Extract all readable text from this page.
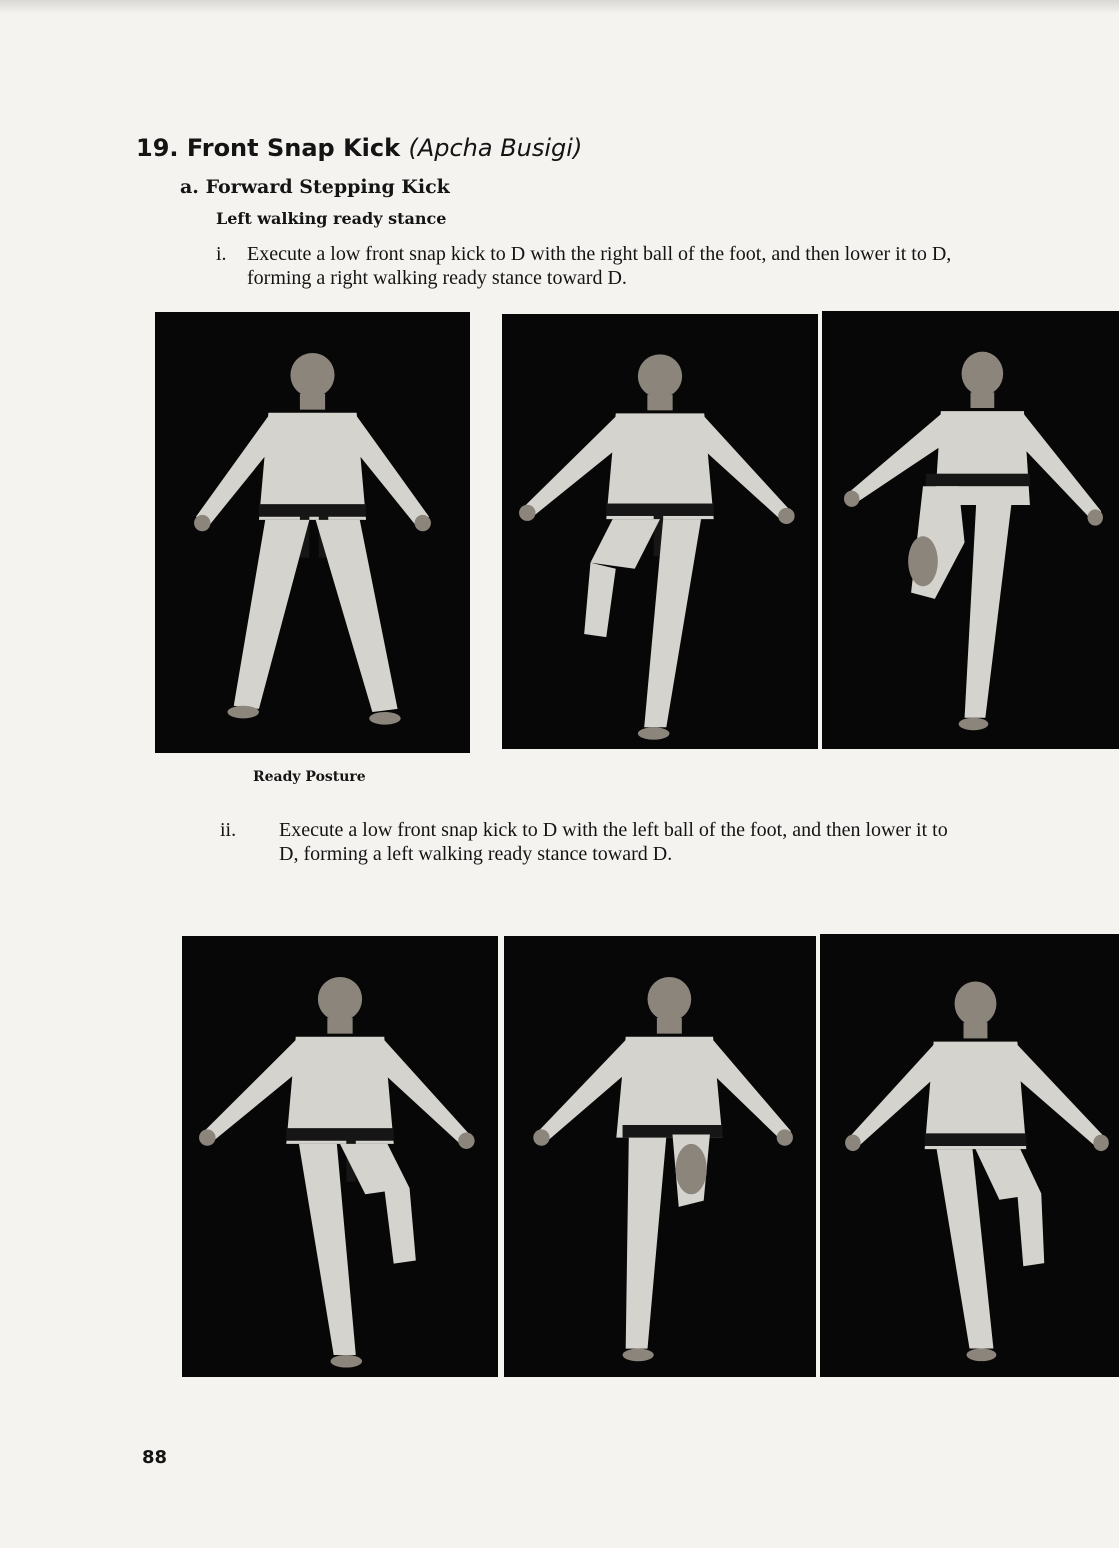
19. Front Snap Kick (Apcha Busigi)
a. Forward Stepping Kick
Left walking ready stance
i. Execute a low front snap kick to D with the right ball of the foot, and then lower it to D, forming a right walking ready stance toward D.

Ready Posture

ii. Execute a low front snap kick to D with the left ball of the foot, and then lower it to D, forming a left walking ready stance toward D.

88
